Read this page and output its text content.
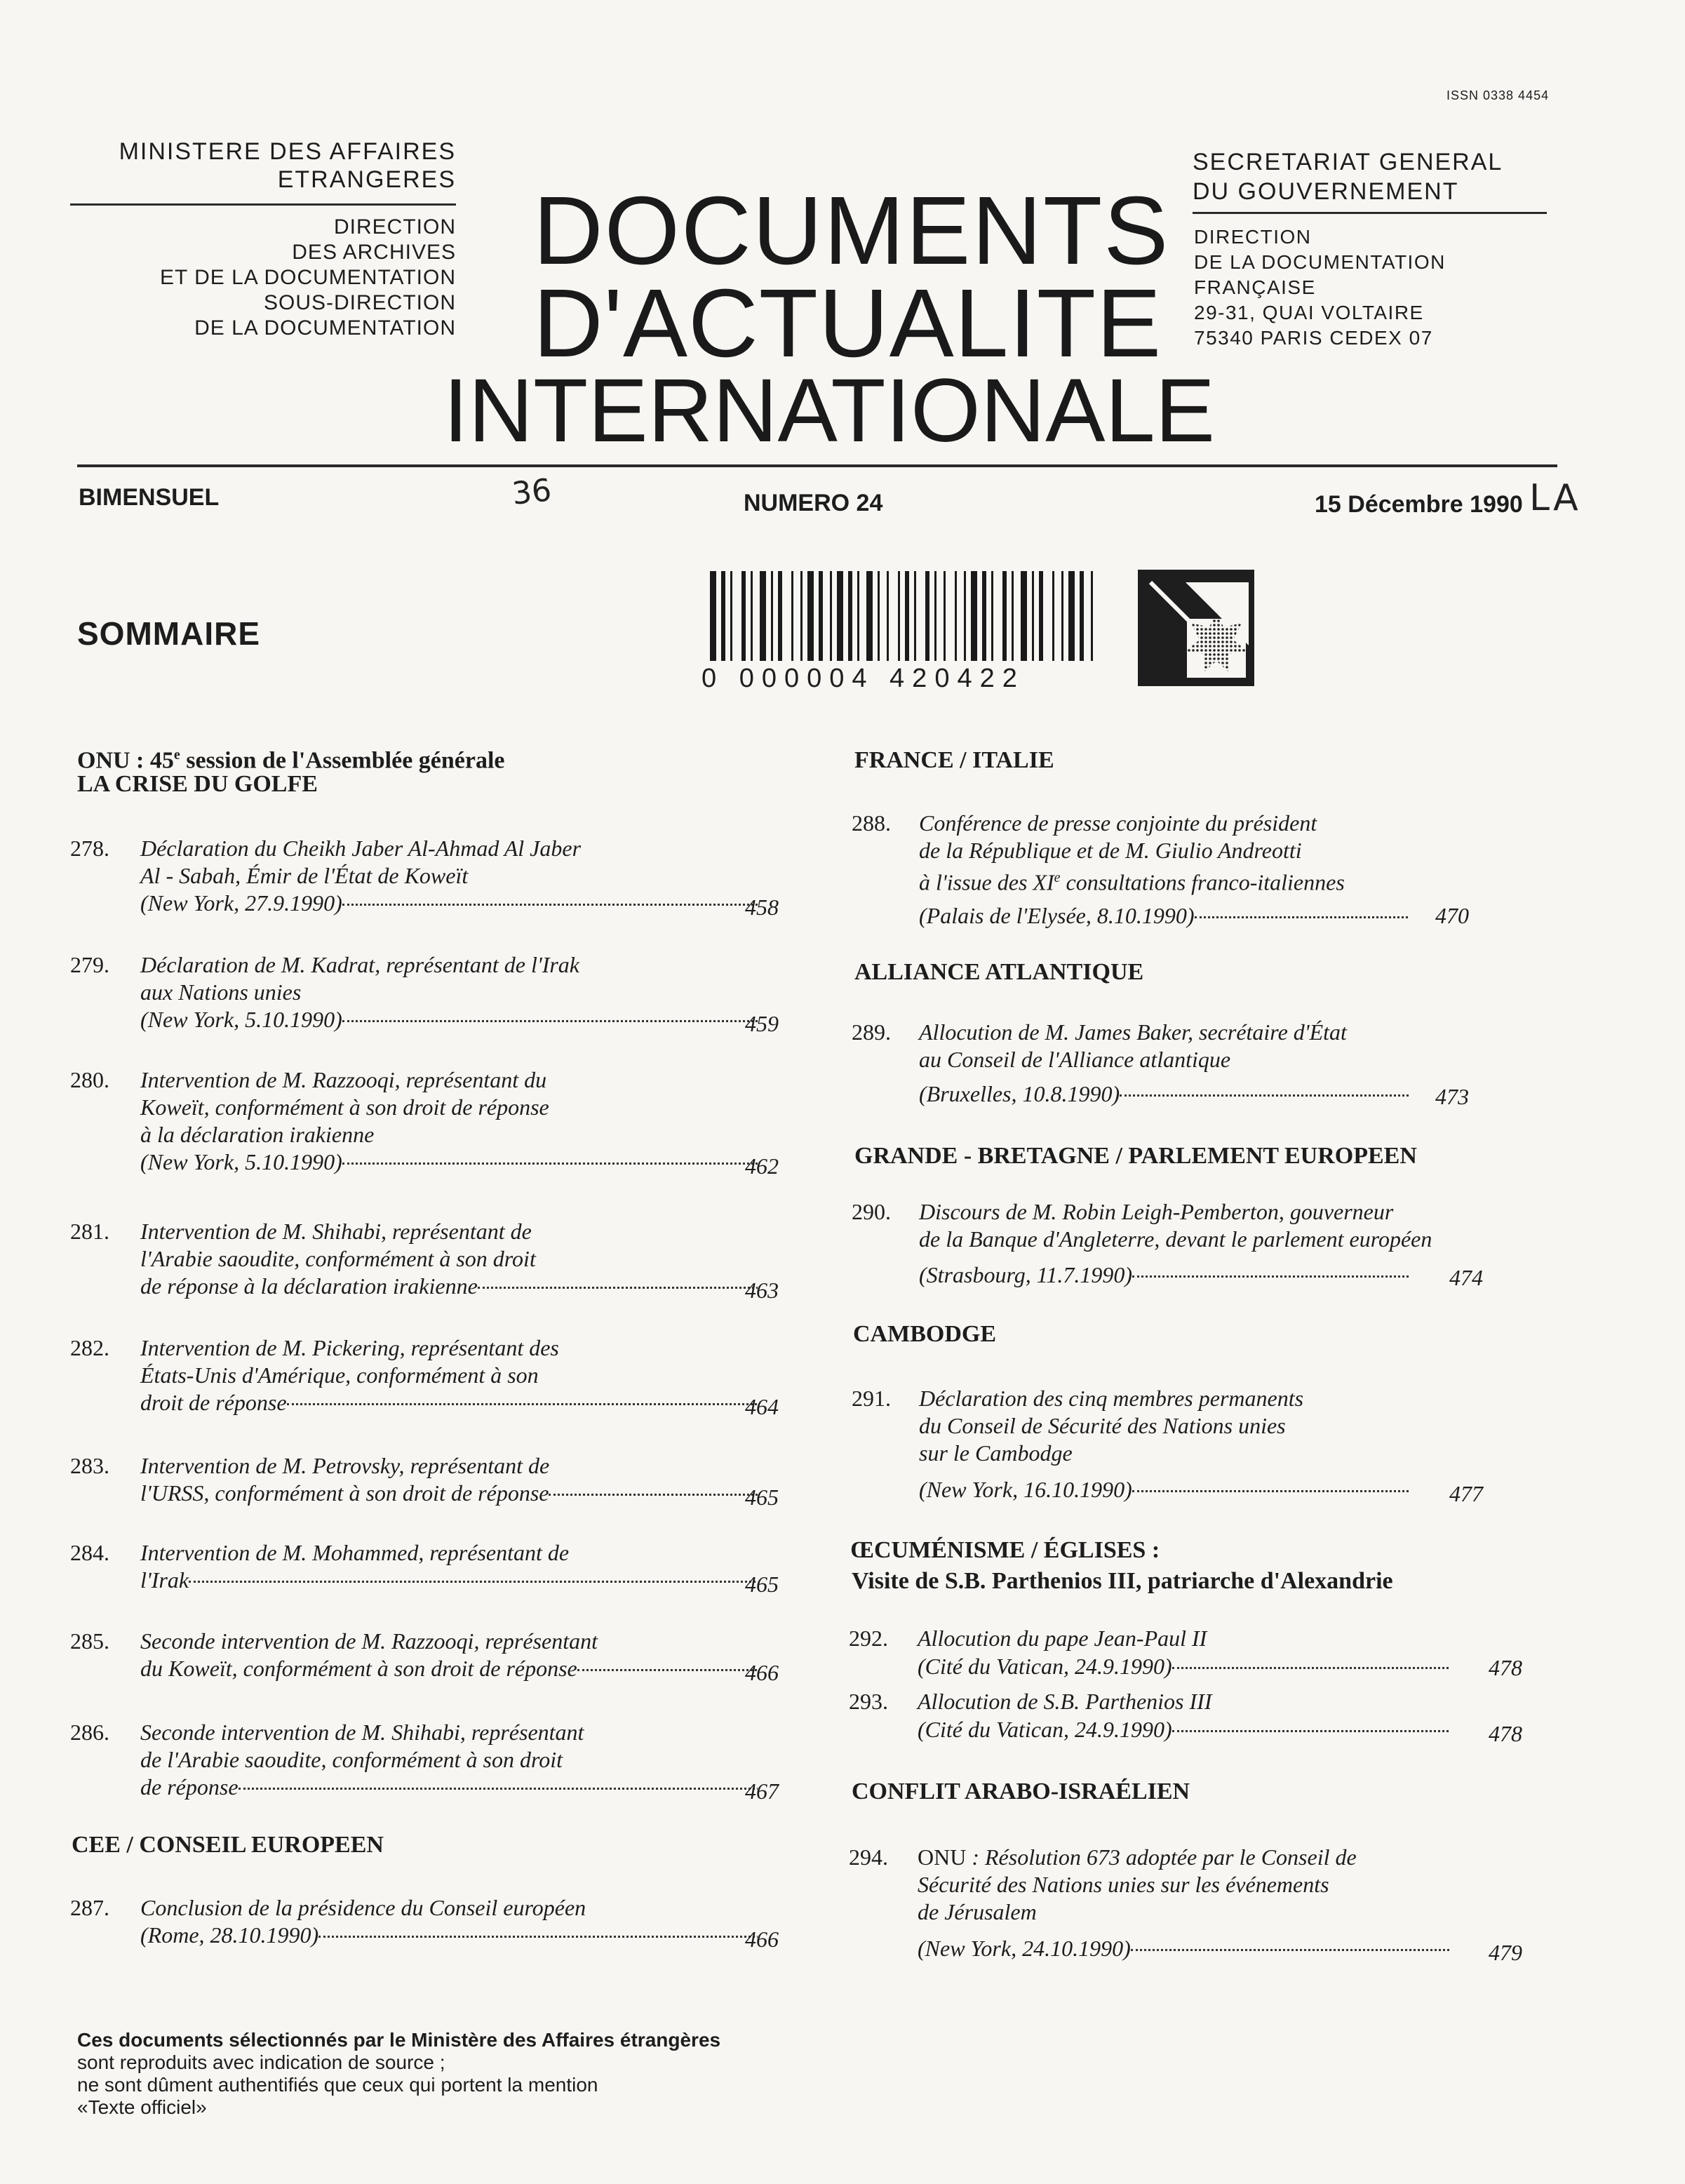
ISSN 0338 4454
MINISTERE DES AFFAIRES
ETRANGERES
DIRECTION
DES ARCHIVES
ET DE LA DOCUMENTATION
SOUS-DIRECTION
DE LA DOCUMENTATION
DOCUMENTS
D'ACTUALITE
INTERNATIONALE
SECRETARIAT GENERAL
DU GOUVERNEMENT
DIRECTION
DE LA DOCUMENTATION
FRANÇAISE
29-31, QUAI VOLTAIRE
75340 PARIS CEDEX 07
BIMENSUEL	36	NUMERO 24	15 Décembre 1990 LA
0 000004 420422
SOMMAIRE
ONU : 45e session de l'Assemblée générale
LA CRISE DU GOLFE
278. Déclaration du Cheikh Jaber Al-Ahmad Al Jaber
Al - Sabah, Émir de l'État de Koweït
(New York, 27.9.1990)	458
279. Déclaration de M. Kadrat, représentant de l'Irak
aux Nations unies
(New York, 5.10.1990)	459
280. Intervention de M. Razzooqi, représentant du
Koweït, conformément à son droit de réponse
à la déclaration irakienne
(New York, 5.10.1990)	462
281. Intervention de M. Shihabi, représentant de
l'Arabie saoudite, conformément à son droit
de réponse à la déclaration irakienne	463
282. Intervention de M. Pickering, représentant des
États-Unis d'Amérique, conformément à son
droit de réponse	464
283. Intervention de M. Petrovsky, représentant de
l'URSS, conformément à son droit de réponse	465
284. Intervention de M. Mohammed, représentant de
l'Irak	465
285. Seconde intervention de M. Razzooqi, représentant
du Koweït, conformément à son droit de réponse	466
286. Seconde intervention de M. Shihabi, représentant
de l'Arabie saoudite, conformément à son droit
de réponse	467
287. Conclusion de la présidence du Conseil européen
(Rome, 28.10.1990)	466
CEE / CONSEIL EUROPEEN
FRANCE / ITALIE
288. Conférence de presse conjointe du président
de la République et de M. Giulio Andreotti
à l'issue des XIe consultations franco-italiennes
(Palais de l'Elysée, 8.10.1990)	470
ALLIANCE ATLANTIQUE
289. Allocution de M. James Baker, secrétaire d'État
au Conseil de l'Alliance atlantique
(Bruxelles, 10.8.1990)	473
GRANDE - BRETAGNE / PARLEMENT EUROPEEN
290. Discours de M. Robin Leigh-Pemberton, gouverneur
de la Banque d'Angleterre, devant le parlement européen
(Strasbourg, 11.7.1990)	474
CAMBODGE
291. Déclaration des cinq membres permanents
du Conseil de Sécurité des Nations unies
sur le Cambodge
(New York, 16.10.1990)	477
ŒCUMÉNISME / ÉGLISES :
Visite de S.B. Parthenios III, patriarche d'Alexandrie
292. Allocution du pape Jean-Paul II
(Cité du Vatican, 24.9.1990)	478
293. Allocution de S.B. Parthenios III
(Cité du Vatican, 24.9.1990)	478
CONFLIT ARABO-ISRAÉLIEN
294. ONU : Résolution 673 adoptée par le Conseil de
Sécurité des Nations unies sur les événements
de Jérusalem
(New York, 24.10.1990)	479
Ces documents sélectionnés par le Ministère des Affaires étrangères
sont reproduits avec indication de source ;
ne sont dûment authentifiés que ceux qui portent la mention
«Texte officiel»
